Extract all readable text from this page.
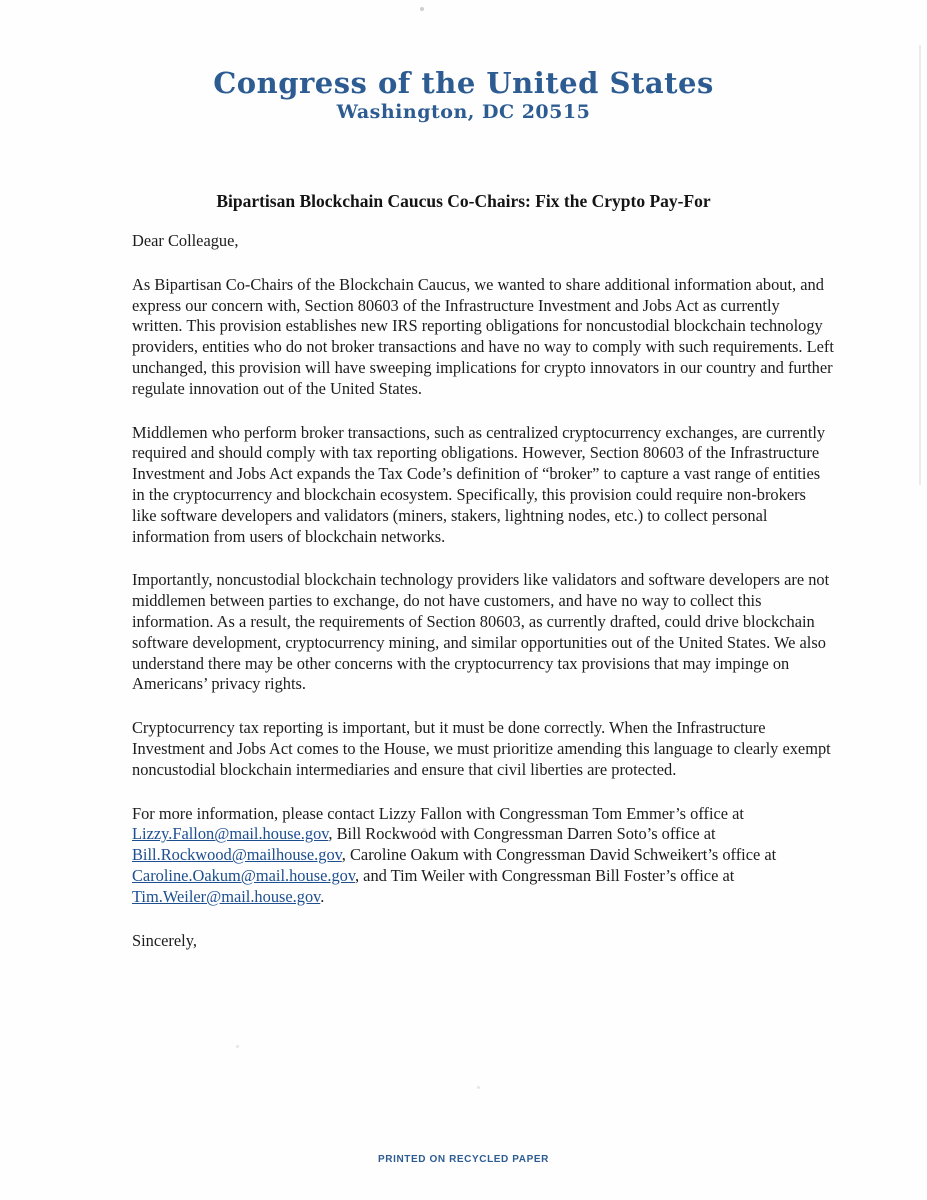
Congress of the United States
Washington, DC 20515
Bipartisan Blockchain Caucus Co-Chairs: Fix the Crypto Pay-For

Dear Colleague,

As Bipartisan Co-Chairs of the Blockchain Caucus, we wanted to share additional information about, and express our concern with, Section 80603 of the Infrastructure Investment and Jobs Act as currently written. This provision establishes new IRS reporting obligations for noncustodial blockchain technology providers, entities who do not broker transactions and have no way to comply with such requirements. Left unchanged, this provision will have sweeping implications for crypto innovators in our country and further regulate innovation out of the United States.

Middlemen who perform broker transactions, such as centralized cryptocurrency exchanges, are currently required and should comply with tax reporting obligations. However, Section 80603 of the Infrastructure Investment and Jobs Act expands the Tax Code’s definition of “broker” to capture a vast range of entities in the cryptocurrency and blockchain ecosystem. Specifically, this provision could require non-brokers like software developers and validators (miners, stakers, lightning nodes, etc.) to collect personal information from users of blockchain networks.

Importantly, noncustodial blockchain technology providers like validators and software developers are not middlemen between parties to exchange, do not have customers, and have no way to collect this information. As a result, the requirements of Section 80603, as currently drafted, could drive blockchain software development, cryptocurrency mining, and similar opportunities out of the United States. We also understand there may be other concerns with the cryptocurrency tax provisions that may impinge on Americans’ privacy rights.

Cryptocurrency tax reporting is important, but it must be done correctly. When the Infrastructure Investment and Jobs Act comes to the House, we must prioritize amending this language to clearly exempt noncustodial blockchain intermediaries and ensure that civil liberties are protected.

For more information, please contact Lizzy Fallon with Congressman Tom Emmer’s office at Lizzy.Fallon@mail.house.gov, Bill Rockwood with Congressman Darren Soto’s office at Bill.Rockwood@mailhouse.gov, Caroline Oakum with Congressman David Schweikert’s office at Caroline.Oakum@mail.house.gov, and Tim Weiler with Congressman Bill Foster’s office at Tim.Weiler@mail.house.gov.

Sincerely,

PRINTED ON RECYCLED PAPER
